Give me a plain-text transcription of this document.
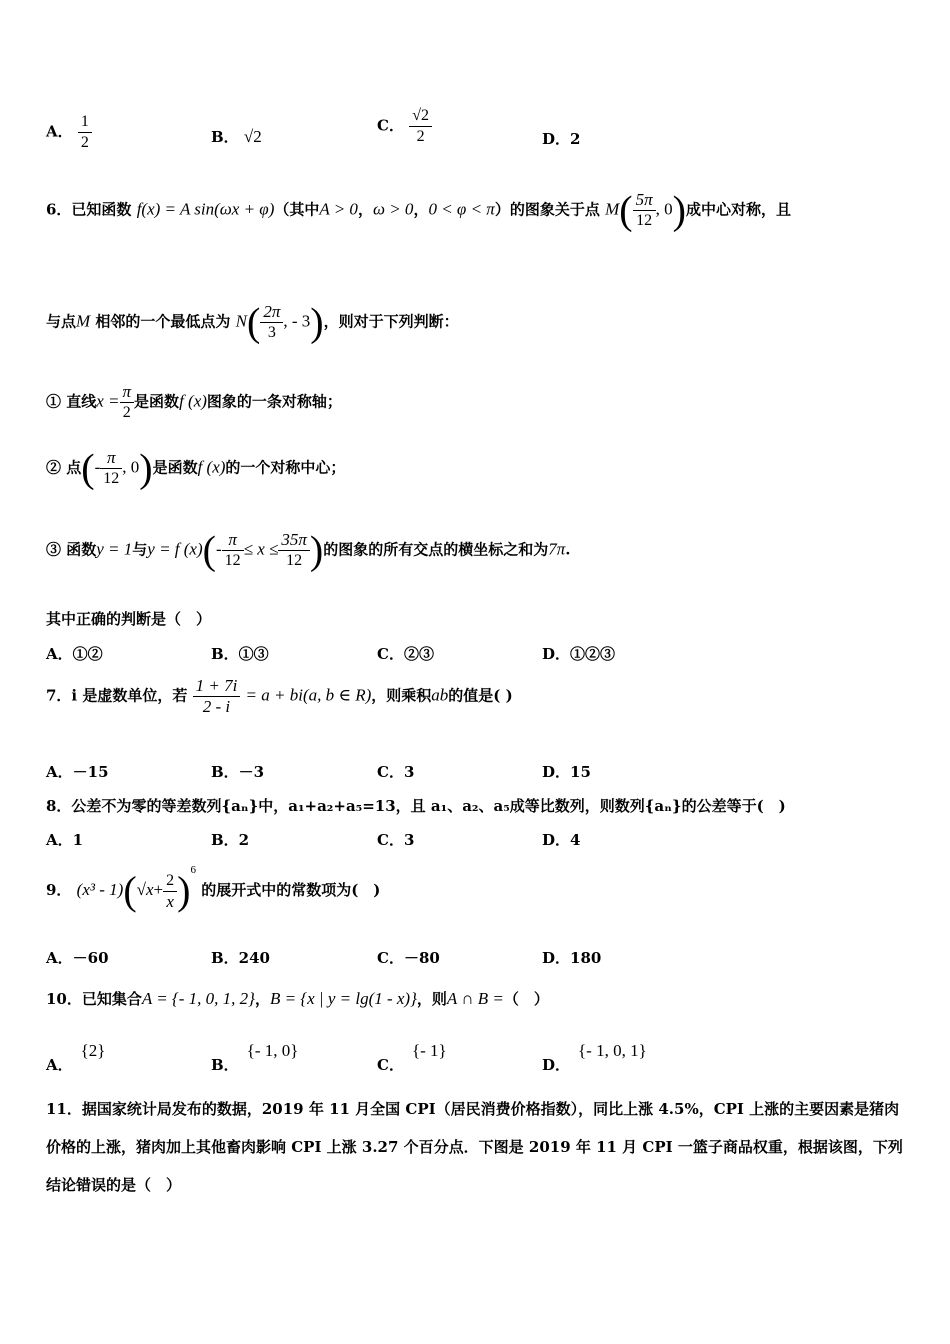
A． $\frac{1}{2}$	B． √2
C． $\frac{√2}{2}$	D．2
6．已知函数 f(x) = A sin(ωx + φ)（其中A > 0，ω > 0，0 < φ < π）的图象关于点 $M( \frac{5\pi}{12}$ , 0)成中心对称，且
与点M 相邻的一个最低点为 $N( \frac{2\pi}{3}$ , - 3)，则对于下列判断：
① 直线$x = \frac{\pi}{2}$ 是函数f (x)图象的一条对称轴；
② 点(- $\frac{\pi}{12}$ , 0)是函数f (x)的一个对称中心；
③ 函数y = 1与y = f $(x)(- \frac{\pi}{12} \le x \le \frac{35\pi}{12}$ )的图象的所有交点的横坐标之和为7π.
其中正确的判断是（　）
A．①②	B．①③	C．②③	D．①②③
7．i 是虚数单位，若 $\frac{1 + 7i}{2 - i} = a + bi(a$, b ∈ R)，则乘积ab的值是( )
A．－15	B．－3	C．3	D．15
8．公差不为零的等差数列{aₙ}中，a₁+a₂+a₅=13，且 a₁、a₂、a₅成等比数列，则数列{aₙ}的公差等于(　)
A．1	B．2	C．3	D．4
9． $(x^3 - 1)(√x+ \frac{2}{x} )^6$ 的展开式中的常数项为(　)
A．－60	B．240	C．－80	D．180
10．已知集合A = {- 1, 0, 1, 2}，B = {x | y = lg(1 - x)}，则A ∩ B =（　）
A．{2}
B．{- 1, 0}
C．{- 1}
D．{- 1, 0, 1}
11．据国家统计局发布的数据，2019 年 11 月全国 CPI（居民消费价格指数），同比上涨 4.5%，CPI 上涨的主要因素是猪肉价格的上涨，猪肉加上其他畜肉影响 CPI 上涨 3.27 个百分点．下图是 2019 年 11 月 CPI 一篮子商品权重，根据该图，下列结论错误的是（　）
